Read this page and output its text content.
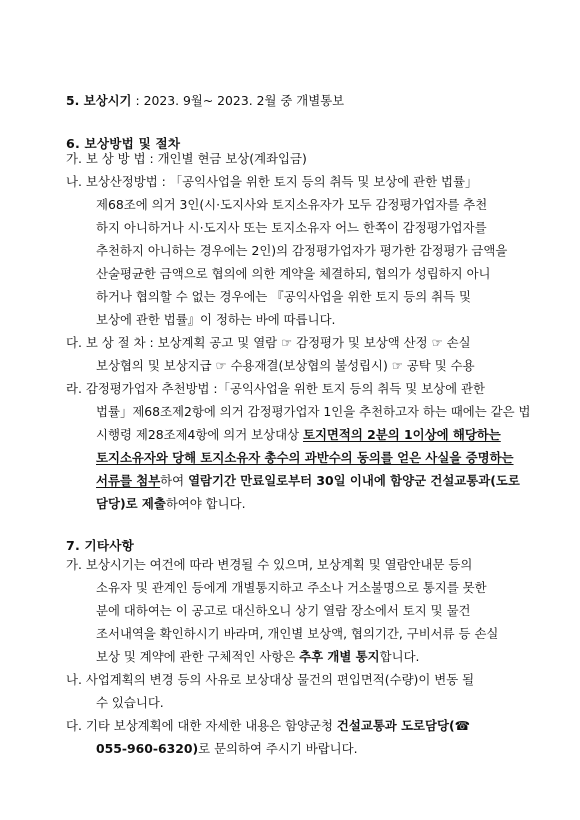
5. 보상시기 : 2023. 9월~ 2023. 2월 중 개별통보
6. 보상방법 및 절차
가. 보 상 방 법 : 개인별 현금 보상(계좌입금)
나. 보상산정방법 : 「공익사업을 위한 토지 등의 취득 및 보상에 관한 법률」
제68조에 의거 3인(시·도지사와 토지소유자가 모두 감정평가업자를 추천
하지 아니하거나 시·도지사 또는 토지소유자 어느 한쪽이 감정평가업자를
추천하지 아니하는 경우에는 2인)의 감정평가업자가 평가한 감정평가 금액을
산술평균한 금액으로 협의에 의한 계약을 체결하되, 협의가 성립하지 아니
하거나 협의할 수 없는 경우에는 『공익사업을 위한 토지 등의 취득 및
보상에 관한 법률』이 정하는 바에 따릅니다.
다. 보 상 절 차 : 보상계획 공고 및 열람 ☞ 감정평가 및 보상액 산정 ☞ 손실
보상협의 및 보상지급 ☞ 수용재결(보상협의 불성립시) ☞ 공탁 및 수용
라. 감정평가업자 추천방법 :「공익사업을 위한 토지 등의 취득 및 보상에 관한
법률」제68조제2항에 의거 감정평가업자 1인을 추천하고자 하는 때에는 같은 법
시행령 제28조제4항에 의거 보상대상 토지면적의 2분의 1이상에 해당하는
토지소유자와 당해 토지소유자 총수의 과반수의 동의를 얻은 사실을 증명하는
서류를 첨부하여 열람기간 만료일로부터 30일 이내에 함양군 건설교통과(도로
담당)로 제출하여야 합니다.
7. 기타사항
가. 보상시기는 여건에 따라 변경될 수 있으며, 보상계획 및 열람안내문 등의
소유자 및 관계인 등에게 개별통지하고 주소나 거소불명으로 통지를 못한
분에 대하여는 이 공고로 대신하오니 상기 열람 장소에서 토지 및 물건
조서내역을 확인하시기 바라며, 개인별 보상액, 협의기간, 구비서류 등 손실
보상 및 계약에 관한 구체적인 사항은 추후 개별 통지합니다.
나. 사업계획의 변경 등의 사유로 보상대상 물건의 편입면적(수량)이 변동 될
수 있습니다.
다. 기타 보상계획에 대한 자세한 내용은 함양군청 건설교통과 도로담당(☎
055-960-6320)로 문의하여 주시기 바랍니다.
